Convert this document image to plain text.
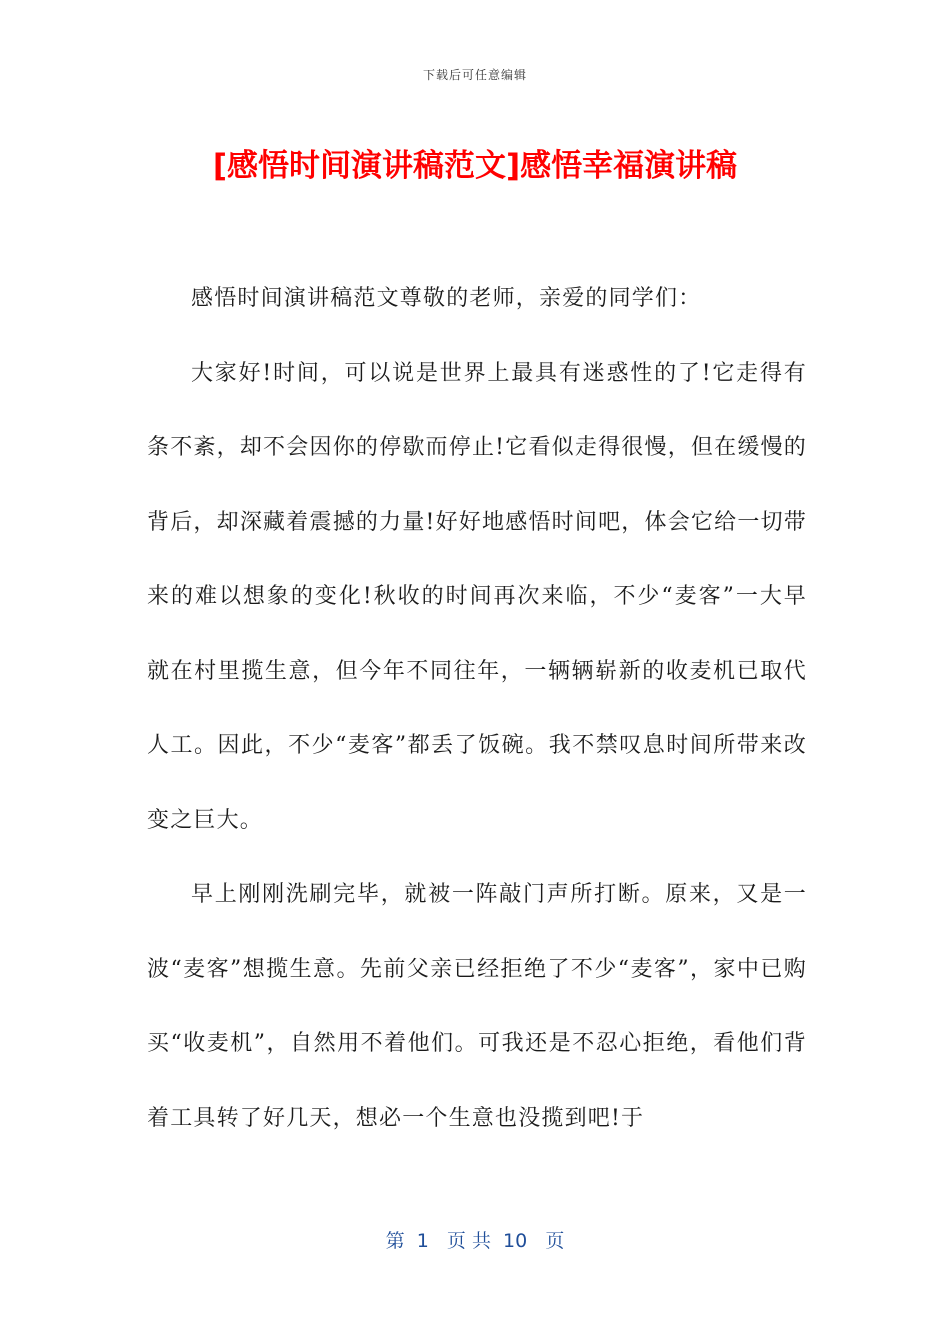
下载后可任意编辑
[感悟时间演讲稿范文]感悟幸福演讲稿

感悟时间演讲稿范文尊敬的老师，亲爱的同学们：

大家好!时间，可以说是世界上最具有迷惑性的了!它走得有条不紊，却不会因你的停歇而停止!它看似走得很慢，但在缓慢的背后，却深藏着震撼的力量!好好地感悟时间吧，体会它给一切带来的难以想象的变化!秋收的时间再次来临，不少“麦客”一大早就在村里揽生意，但今年不同往年，一辆辆崭新的收麦机已取代人工。因此，不少“麦客”都丢了饭碗。我不禁叹息时间所带来改变之巨大。

早上刚刚洗刷完毕，就被一阵敲门声所打断。原来，又是一波“麦客”想揽生意。先前父亲已经拒绝了不少“麦客”，家中已购买“收麦机”，自然用不着他们。可我还是不忍心拒绝，看他们背着工具转了好几天，想必一个生意也没揽到吧!于

第  1   页 共  10   页
